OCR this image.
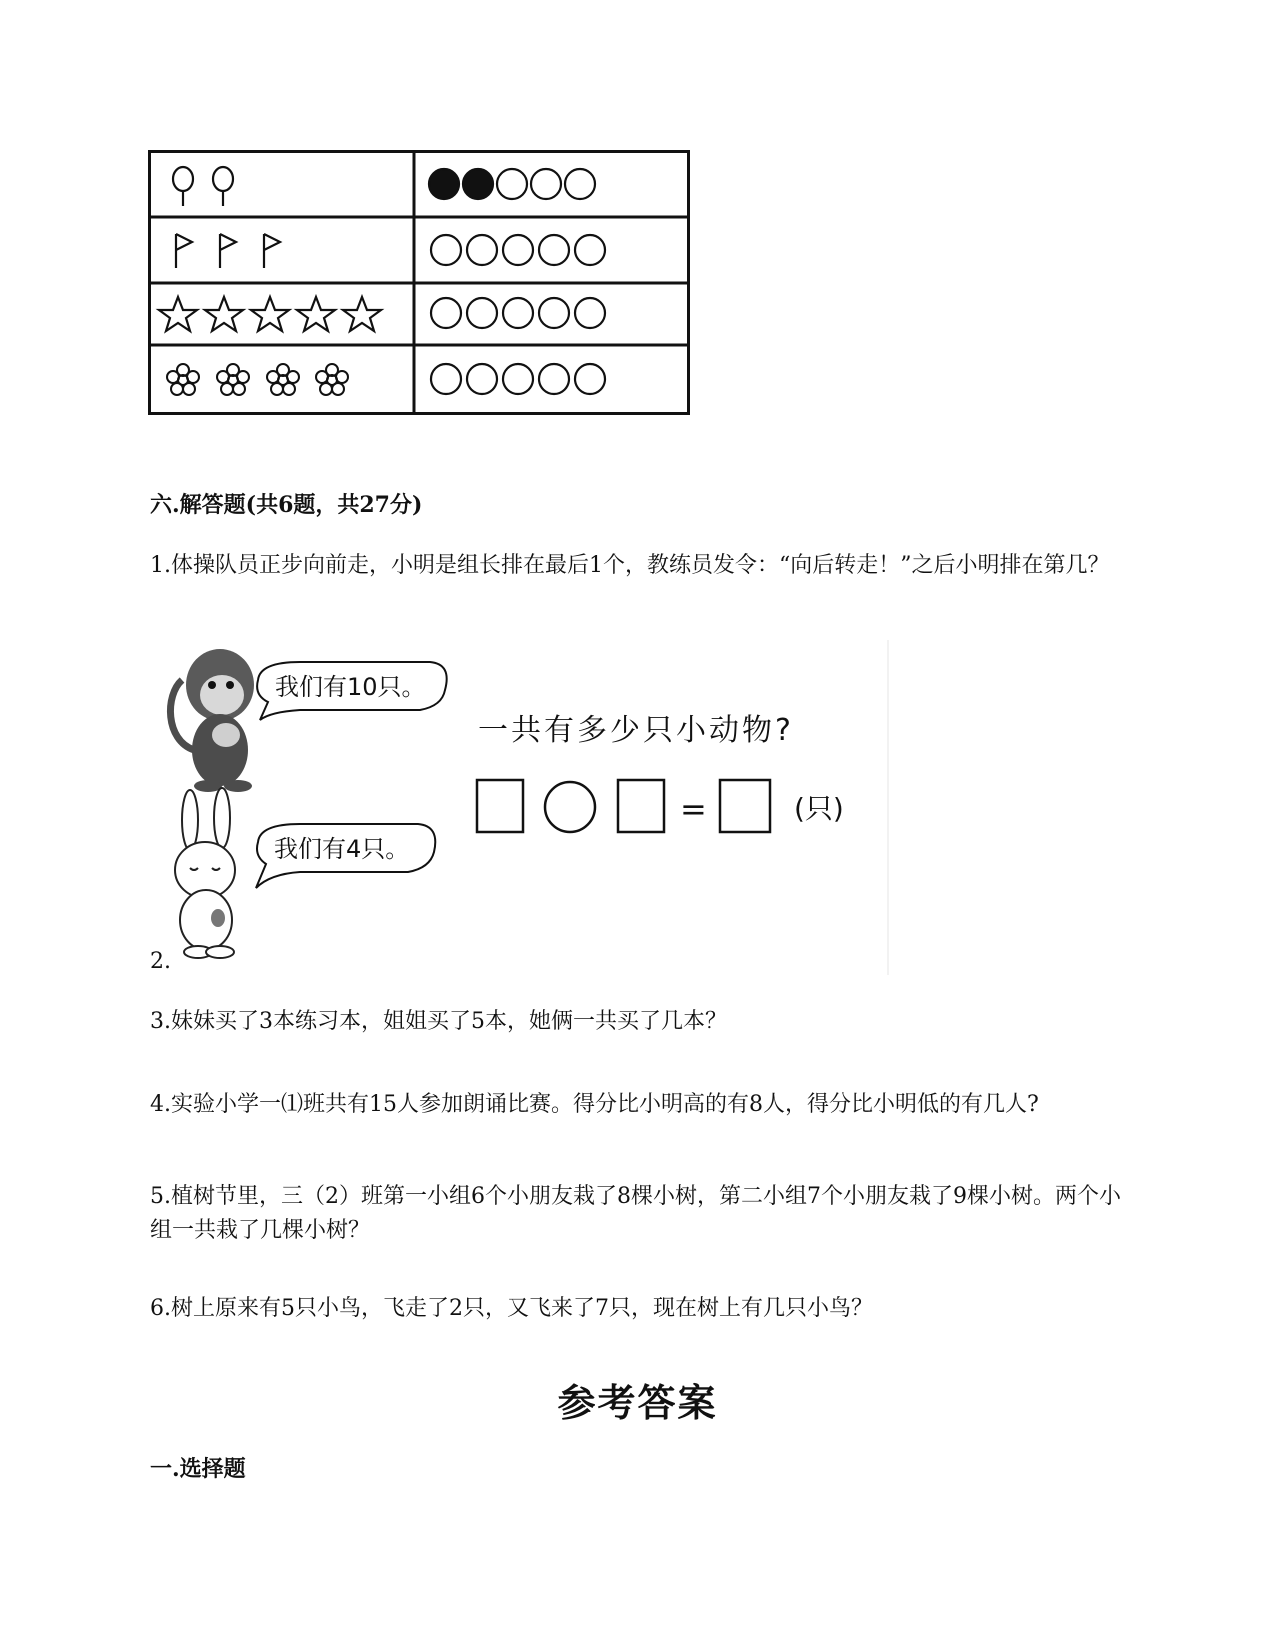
六.解答题(共6题，共27分)
1.体操队员正步向前走，小明是组长排在最后1个，教练员发令：“向后转走！”之后小明排在第几？
我们有10只。
我们有4只。
一共有多少只小动物?
=	(只)
2.
3.妹妹买了3本练习本，姐姐买了5本，她俩一共买了几本？
4.实验小学一⑴班共有15人参加朗诵比赛。得分比小明高的有8人，得分比小明低的有几人?
5.植树节里，三（2）班第一小组6个小朋友栽了8棵小树，第二小组7个小朋友栽了9棵小树。两个小组一共栽了几棵小树？
6.树上原来有5只小鸟，飞走了2只，又飞来了7只，现在树上有几只小鸟？
参考答案
一.选择题
